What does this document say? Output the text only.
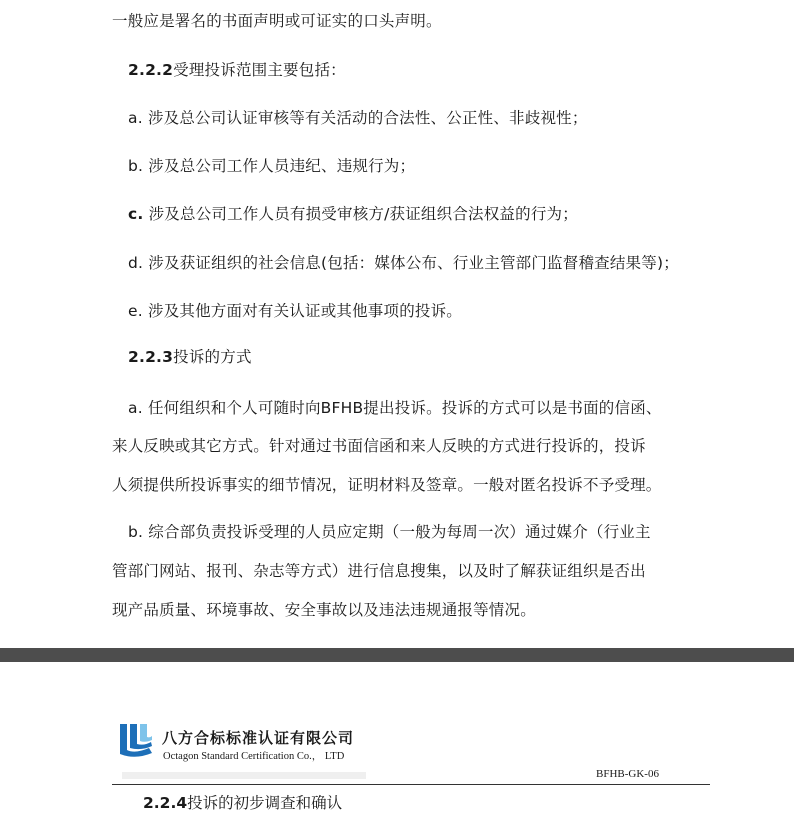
一般应是署名的书面声明或可证实的口头声明。
2.2.2受理投诉范围主要包括：
a. 涉及总公司认证审核等有关活动的合法性、公正性、非歧视性；
b. 涉及总公司工作人员违纪、违规行为；
c. 涉及总公司工作人员有损受审核方/获证组织合法权益的行为；
d. 涉及获证组织的社会信息(包括：媒体公布、行业主管部门监督稽查结果等)；
e. 涉及其他方面对有关认证或其他事项的投诉。
2.2.3投诉的方式
a. 任何组织和个人可随时向BFHB提出投诉。投诉的方式可以是书面的信函、
来人反映或其它方式。针对通过书面信函和来人反映的方式进行投诉的，投诉
人须提供所投诉事实的细节情况，证明材料及签章。一般对匿名投诉不予受理。
b. 综合部负责投诉受理的人员应定期（一般为每周一次）通过媒介（行业主
管部门网站、报刊、杂志等方式）进行信息搜集，以及时了解获证组织是否出
现产品质量、环境事故、安全事故以及违法违规通报等情况。
八方合标标准认证有限公司
Octagon Standard Certification Co.， LTD
BFHB-GK-06
2.2.4投诉的初步调查和确认
